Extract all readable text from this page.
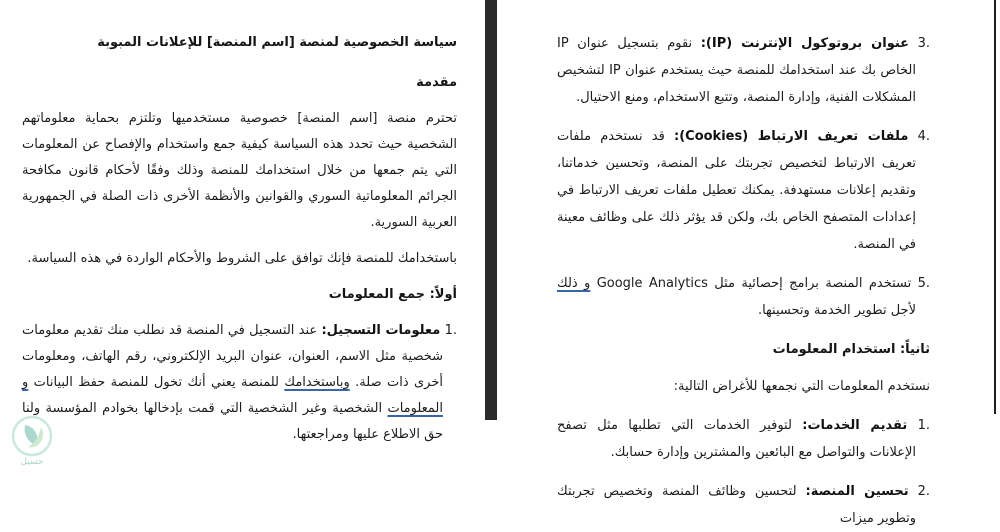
سياسة الخصوصية لمنصة [اسم المنصة] للإعلانات المبوبة
مقدمة

تحترم منصة [اسم المنصة] خصوصية مستخدميها وتلتزم بحماية معلوماتهم الشخصية حيث تحدد هذه السياسة كيفية جمع واستخدام والإفصاح عن المعلومات التي يتم جمعها من خلال استخدامك للمنصة وذلك وفقًا لأحكام قانون مكافحة الجرائم المعلوماتية السوري والقوانين والأنظمة الأخرى ذات الصلة في الجمهورية العربية السورية.

باستخدامك للمنصة فإنك توافق على الشروط والأحكام الواردة في هذه السياسة.

أولاً: جمع المعلومات
1. معلومات التسجيل: عند التسجيل في المنصة قد نطلب منك تقديم معلومات شخصية مثل الاسم، العنوان، عنوان البريد الإلكتروني، رقم الهاتف، ومعلومات أخرى ذات صلة. وباستخدامك للمنصة يعني أنك تخول للمنصة حفظ البيانات و المعلومات الشخصية وغير الشخصية التي قمت بإدخالها بخوادم المؤسسة ولنا حق الاطلاع عليها ومراجعتها.
3. عنوان بروتوكول الإنترنت (IP): نقوم بتسجيل عنوان IP الخاص بك عند استخدامك للمنصة حيث يستخدم عنوان IP لتشخيص المشكلات الفنية، وإدارة المنصة، وتتبع الاستخدام، ومنع الاحتيال.
4. ملفات تعريف الارتباط (Cookies): قد نستخدم ملفات تعريف الارتباط لتخصيص تجربتك على المنصة، وتحسين خدماتنا، وتقديم إعلانات مستهدفة. يمكنك تعطيل ملفات تعريف الارتباط في إعدادات المتصفح الخاص بك، ولكن قد يؤثر ذلك على وظائف معينة في المنصة.
5. تستخدم المنصة برامج إحصائية مثل Google Analytics و ذلك لأجل تطوير الخدمة وتحسينها.
ثانياً: استخدام المعلومات

نستخدم المعلومات التي نجمعها للأغراض التالية:

1. تقديم الخدمات: لتوفير الخدمات التي تطلبها مثل تصفح الإعلانات والتواصل مع البائعين والمشترين وإدارة حسابك.
2. تحسين المنصة: لتحسين وظائف المنصة وتخصيص تجربتك وتطوير ميزات
حسيل
